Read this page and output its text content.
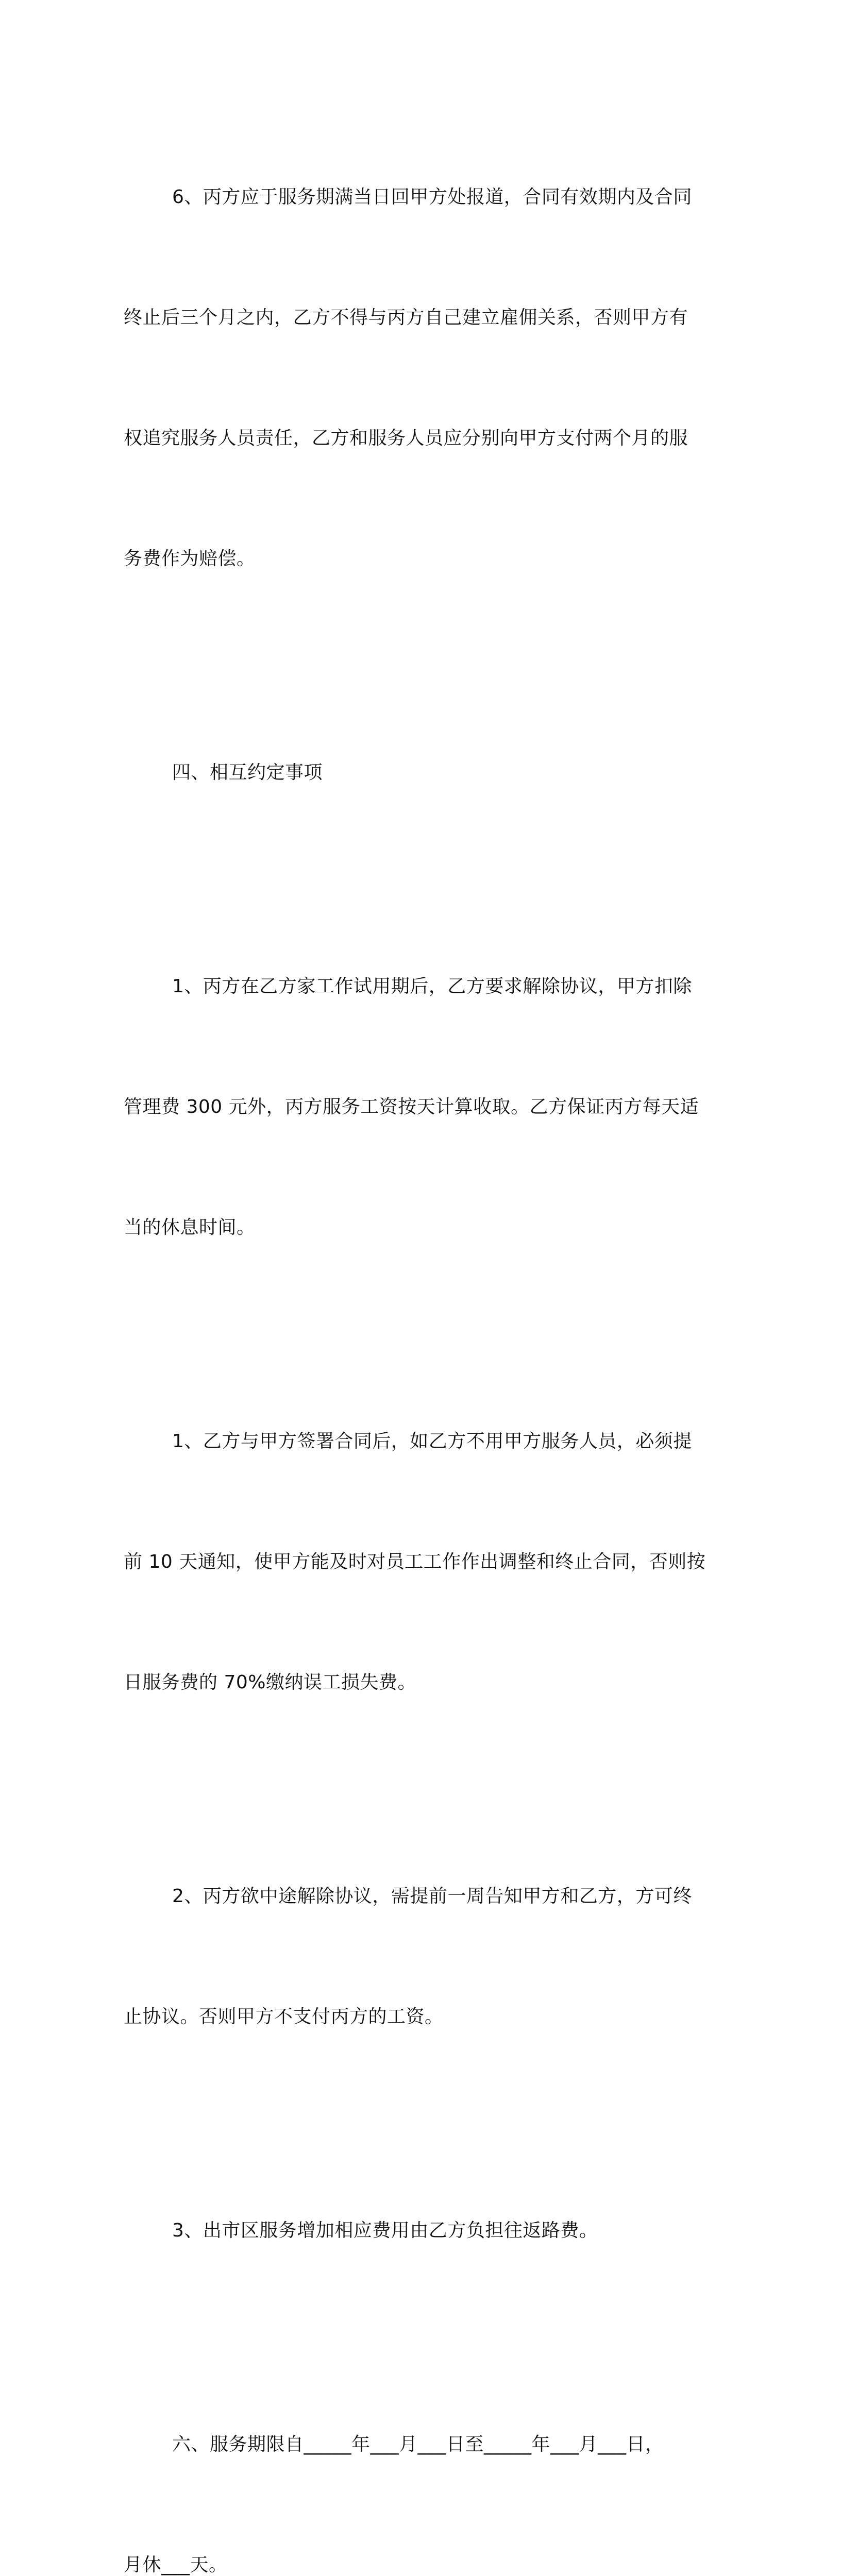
6、丙方应于服务期满当日回甲方处报道，合同有效期内及合同

终止后三个月之内，乙方不得与丙方自己建立雇佣关系，否则甲方有

权追究服务人员责任，乙方和服务人员应分别向甲方支付两个月的服

务费作为赔偿。

四、相互约定事项

1、丙方在乙方家工作试用期后，乙方要求解除协议，甲方扣除

管理费 300 元外，丙方服务工资按天计算收取。乙方保证丙方每天适

当的休息时间。

1、乙方与甲方签署合同后，如乙方不用甲方服务人员，必须提

前 10 天通知，使甲方能及时对员工工作作出调整和终止合同，否则按

日服务费的 70%缴纳误工损失费。

2、丙方欲中途解除协议，需提前一周告知甲方和乙方，方可终

止协议。否则甲方不支付丙方的工资。

3、出市区服务增加相应费用由乙方负担往返路费。

六、服务期限自_____年___月___日至_____年___月___日，

月休___天。
